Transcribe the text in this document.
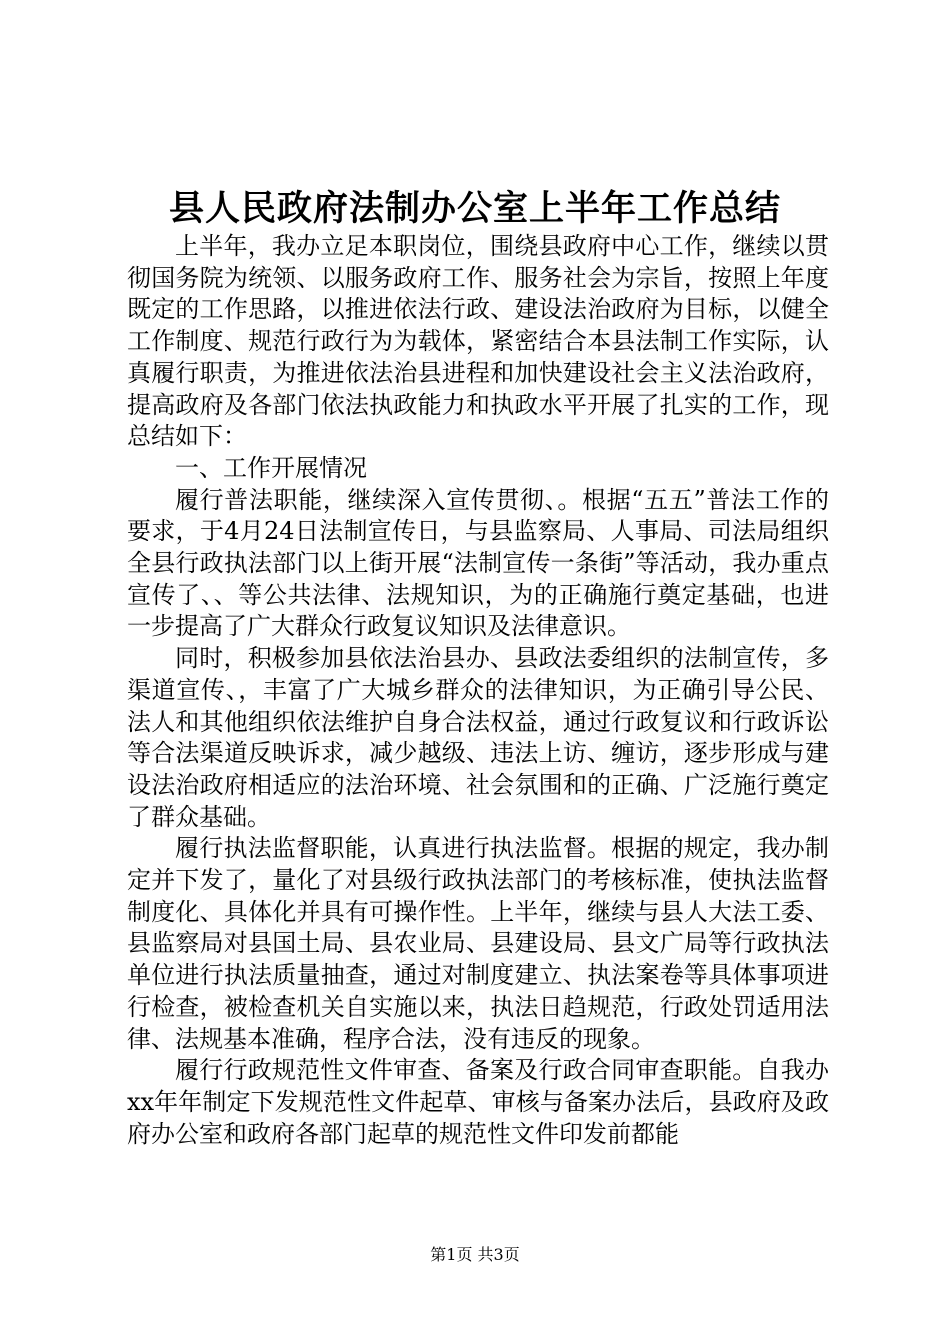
县人民政府法制办公室上半年工作总结

上半年，我办立足本职岗位，围绕县政府中心工作，继续以贯彻国务院为统领、以服务政府工作、服务社会为宗旨，按照上年度既定的工作思路，以推进依法行政、建设法治政府为目标，以健全工作制度、规范行政行为为载体，紧密结合本县法制工作实际，认真履行职责，为推进依法治县进程和加快建设社会主义法治政府，提高政府及各部门依法执政能力和执政水平开展了扎实的工作，现总结如下：

一、工作开展情况

履行普法职能，继续深入宣传贯彻、。根据“五五”普法工作的要求，于4月24日法制宣传日，与县监察局、人事局、司法局组织全县行政执法部门以上街开展“法制宣传一条街”等活动，我办重点宣传了、、等公共法律、法规知识，为的正确施行奠定基础，也进一步提高了广大群众行政复议知识及法律意识。

同时，积极参加县依法治县办、县政法委组织的法制宣传，多渠道宣传、，丰富了广大城乡群众的法律知识，为正确引导公民、法人和其他组织依法维护自身合法权益，通过行政复议和行政诉讼等合法渠道反映诉求，减少越级、违法上访、缠访，逐步形成与建设法治政府相适应的法治环境、社会氛围和的正确、广泛施行奠定了群众基础。

履行执法监督职能，认真进行执法监督。根据的规定，我办制定并下发了，量化了对县级行政执法部门的考核标准，使执法监督制度化、具体化并具有可操作性。上半年，继续与县人大法工委、县监察局对县国土局、县农业局、县建设局、县文广局等行政执法单位进行执法质量抽查，通过对制度建立、执法案卷等具体事项进行检查，被检查机关自实施以来，执法日趋规范，行政处罚适用法律、法规基本准确，程序合法，没有违反的现象。

履行行政规范性文件审查、备案及行政合同审查职能。自我办xx年年制定下发规范性文件起草、审核与备案办法后，县政府及政府办公室和政府各部门起草的规范性文件印发前都能

第1页 共3页
